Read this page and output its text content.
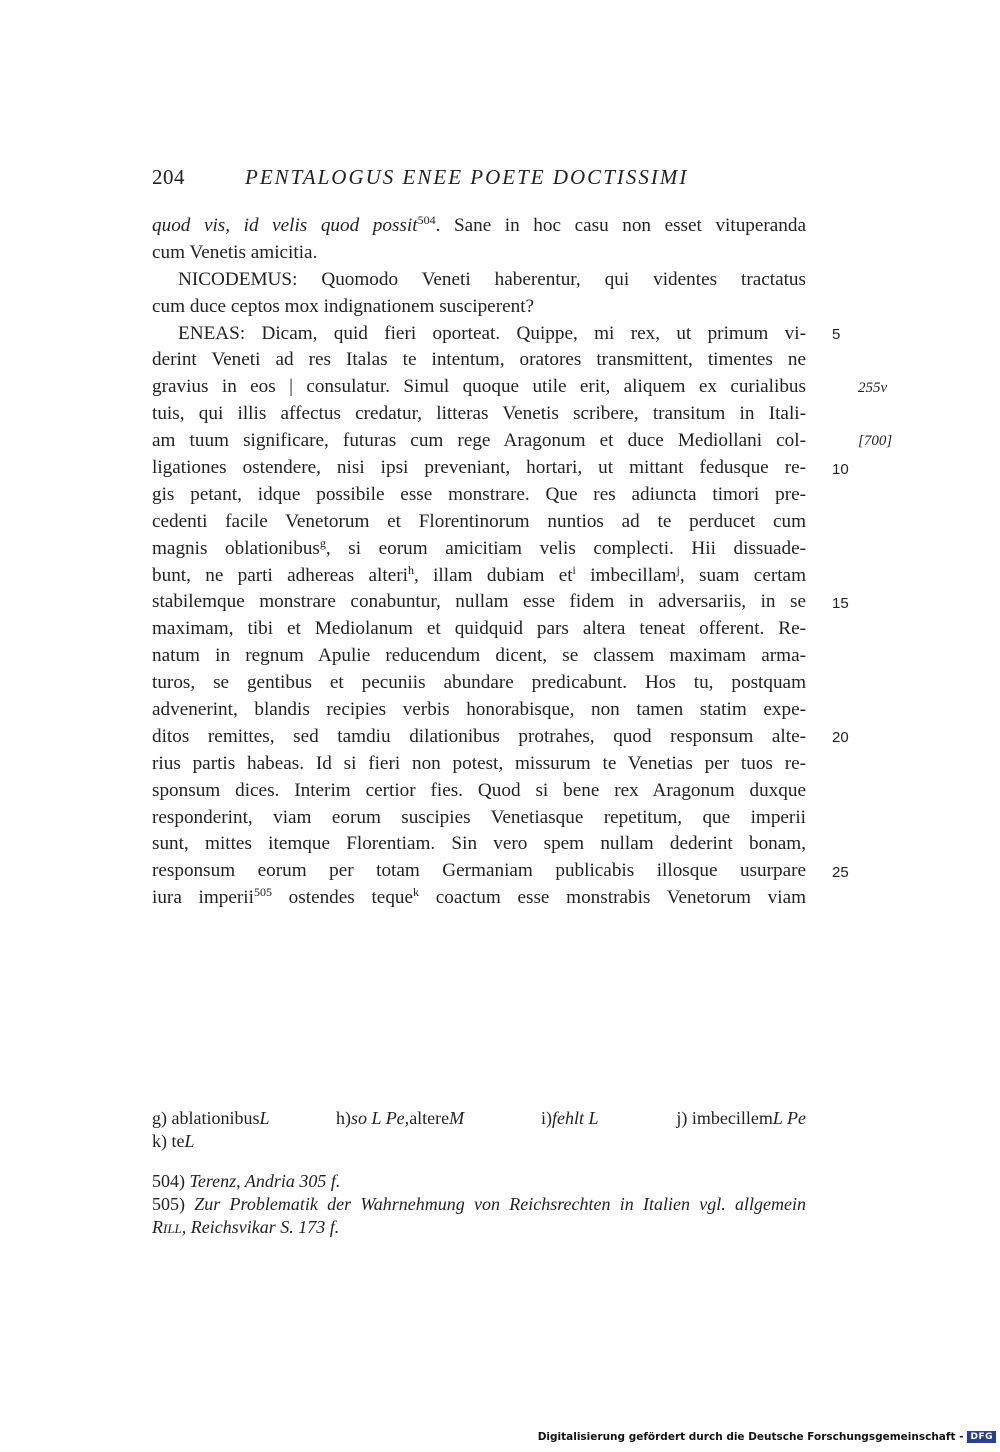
204	PENTALOGUS ENEE POETE DOCTISSIMI
quod vis, id velis quod possit$^{504}$. Sane in hoc casu non esset vituperanda
cum Venetis amicitia.
NICODEMUS: Quomodo Veneti haberentur, qui videntes tractatus
cum duce ceptos mox indignationem susciperent?
ENEAS: Dicam, quid fieri oporteat. Quippe, mi rex, ut primum vi-
derint Veneti ad res Italas te intentum, oratores transmittent, timentes ne
gravius in eos | consulatur. Simul quoque utile erit, aliquem ex curialibus
tuis, qui illis affectus credatur, litteras Venetis scribere, transitum in Itali-
am tuum significare, futuras cum rege Aragonum et duce Mediollani col-
ligationes ostendere, nisi ipsi preveniant, hortari, ut mittant fedusque re-
gis petant, idque possibile esse monstrare. Que res adiuncta timori pre-
cedenti facile Venetorum et Florentinorum nuntios ad te perducet cum
magnis oblationibus$^g$, si eorum amicitiam velis complecti. Hii dissuade-
bunt, ne parti adhereas alteri$^h$, illam dubiam $et^i$ imbecillam$^j$, suam certam
stabilemque monstrare conabuntur, nullam esse fidem in adversariis, in se
maximam, tibi et Mediolanum et quidquid pars altera teneat offerent. Re-
natum in regnum Apulie reducendum dicent, se classem maximam arma-
turos, se gentibus et pecuniis abundare predicabunt. Hos tu, postquam
advenerint, blandis recipies verbis honorabisque, non tamen statim expe-
ditos remittes, sed tamdiu dilationibus protrahes, quod responsum alte-
rius partis habeas. Id si fieri non potest, missurum te Venetias per tuos re-
sponsum dices. Interim certior fies. Quod si bene rex Aragonum duxque
responderint, viam eorum suscipies Venetiasque repetitum, que imperii
sunt, mittes itemque Florentiam. Sin vero spem nullam dederint bonam,
responsum eorum per totam Germaniam publicabis illosque usurpare
iura imperii$^{505}$ ostendes teque$^k$ coactum esse monstrabis Venetorum viam
5
255v
[700]
10
15
20
25
g) ablationibusL	h)so L Pe,altereM	i)fehlt L	j) imbecillemL Pe
k) teL
504) Terenz, Andria 305 f.
505) Zur Problematik der Wahrnehmung von Reichsrechten in Italien vgl. allgemein
Rill, Reichsvikar S. 173 f.
Digitalisierung gefördert durch die Deutsche Forschungsgemeinschaft - DFG
